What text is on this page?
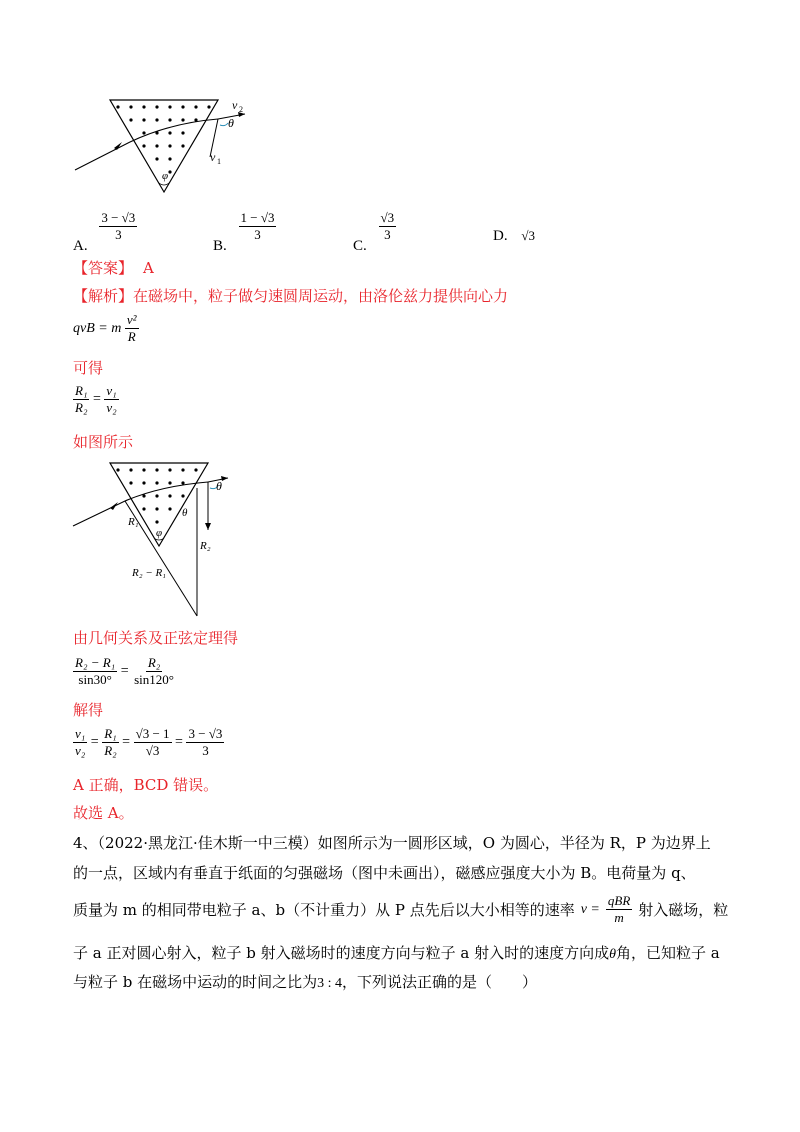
v 2
θ
v 1
φ
A.
$\frac{3 - √3}{3}$
B.
$\frac{1 - √3}{3}$
C.
$\frac{√3}{3}$	D. √3
【答案】 A
【解析】在磁场中，粒子做匀速圆周运动，由洛伦兹力提供向心力
qvB = m $\frac{\text{v²}}{R}$
可得
$\frac{\text{R₁}}{\text{R₂}} = \frac{\text{v₁}}{\text{v₂}}$
如图所示
θ
θ
φ
R₁
R₂
R₂ − R₁
由几何关系及正弦定理得
$\frac{\text{R₂ − R₁}}{\sin 30^\circ} = \frac{\text{R₂}}{\sin 120^\circ}$
解得
$\frac{\text{v₁}}{\text{v₂}} = \frac{\text{R₁}}{\text{R₂}} = \frac{√3 - 1}{√3} = \frac{3 - √3}{3}$
A 正确，BCD 错误。
故选 A。
4、（2022·黑龙江·佳木斯一中三模）如图所示为一圆形区域，O 为圆心，半径为 R，P 为边界上
的一点，区域内有垂直于纸面的匀强磁场（图中未画出），磁感应强度大小为 B。电荷量为 q、
质量为 m 的相同带电粒子 a、b（不计重力）从 P 点先后以大小相等的速率 $v = \frac{\text{qBR}}{m}$ 射入磁场，粒
子 a 正对圆心射入，粒子 b 射入磁场时的速度方向与粒子 a 射入时的速度方向成θ角，已知粒子 a
与粒子 b 在磁场中运动的时间之比为3 : 4，下列说法正确的是（　　）
